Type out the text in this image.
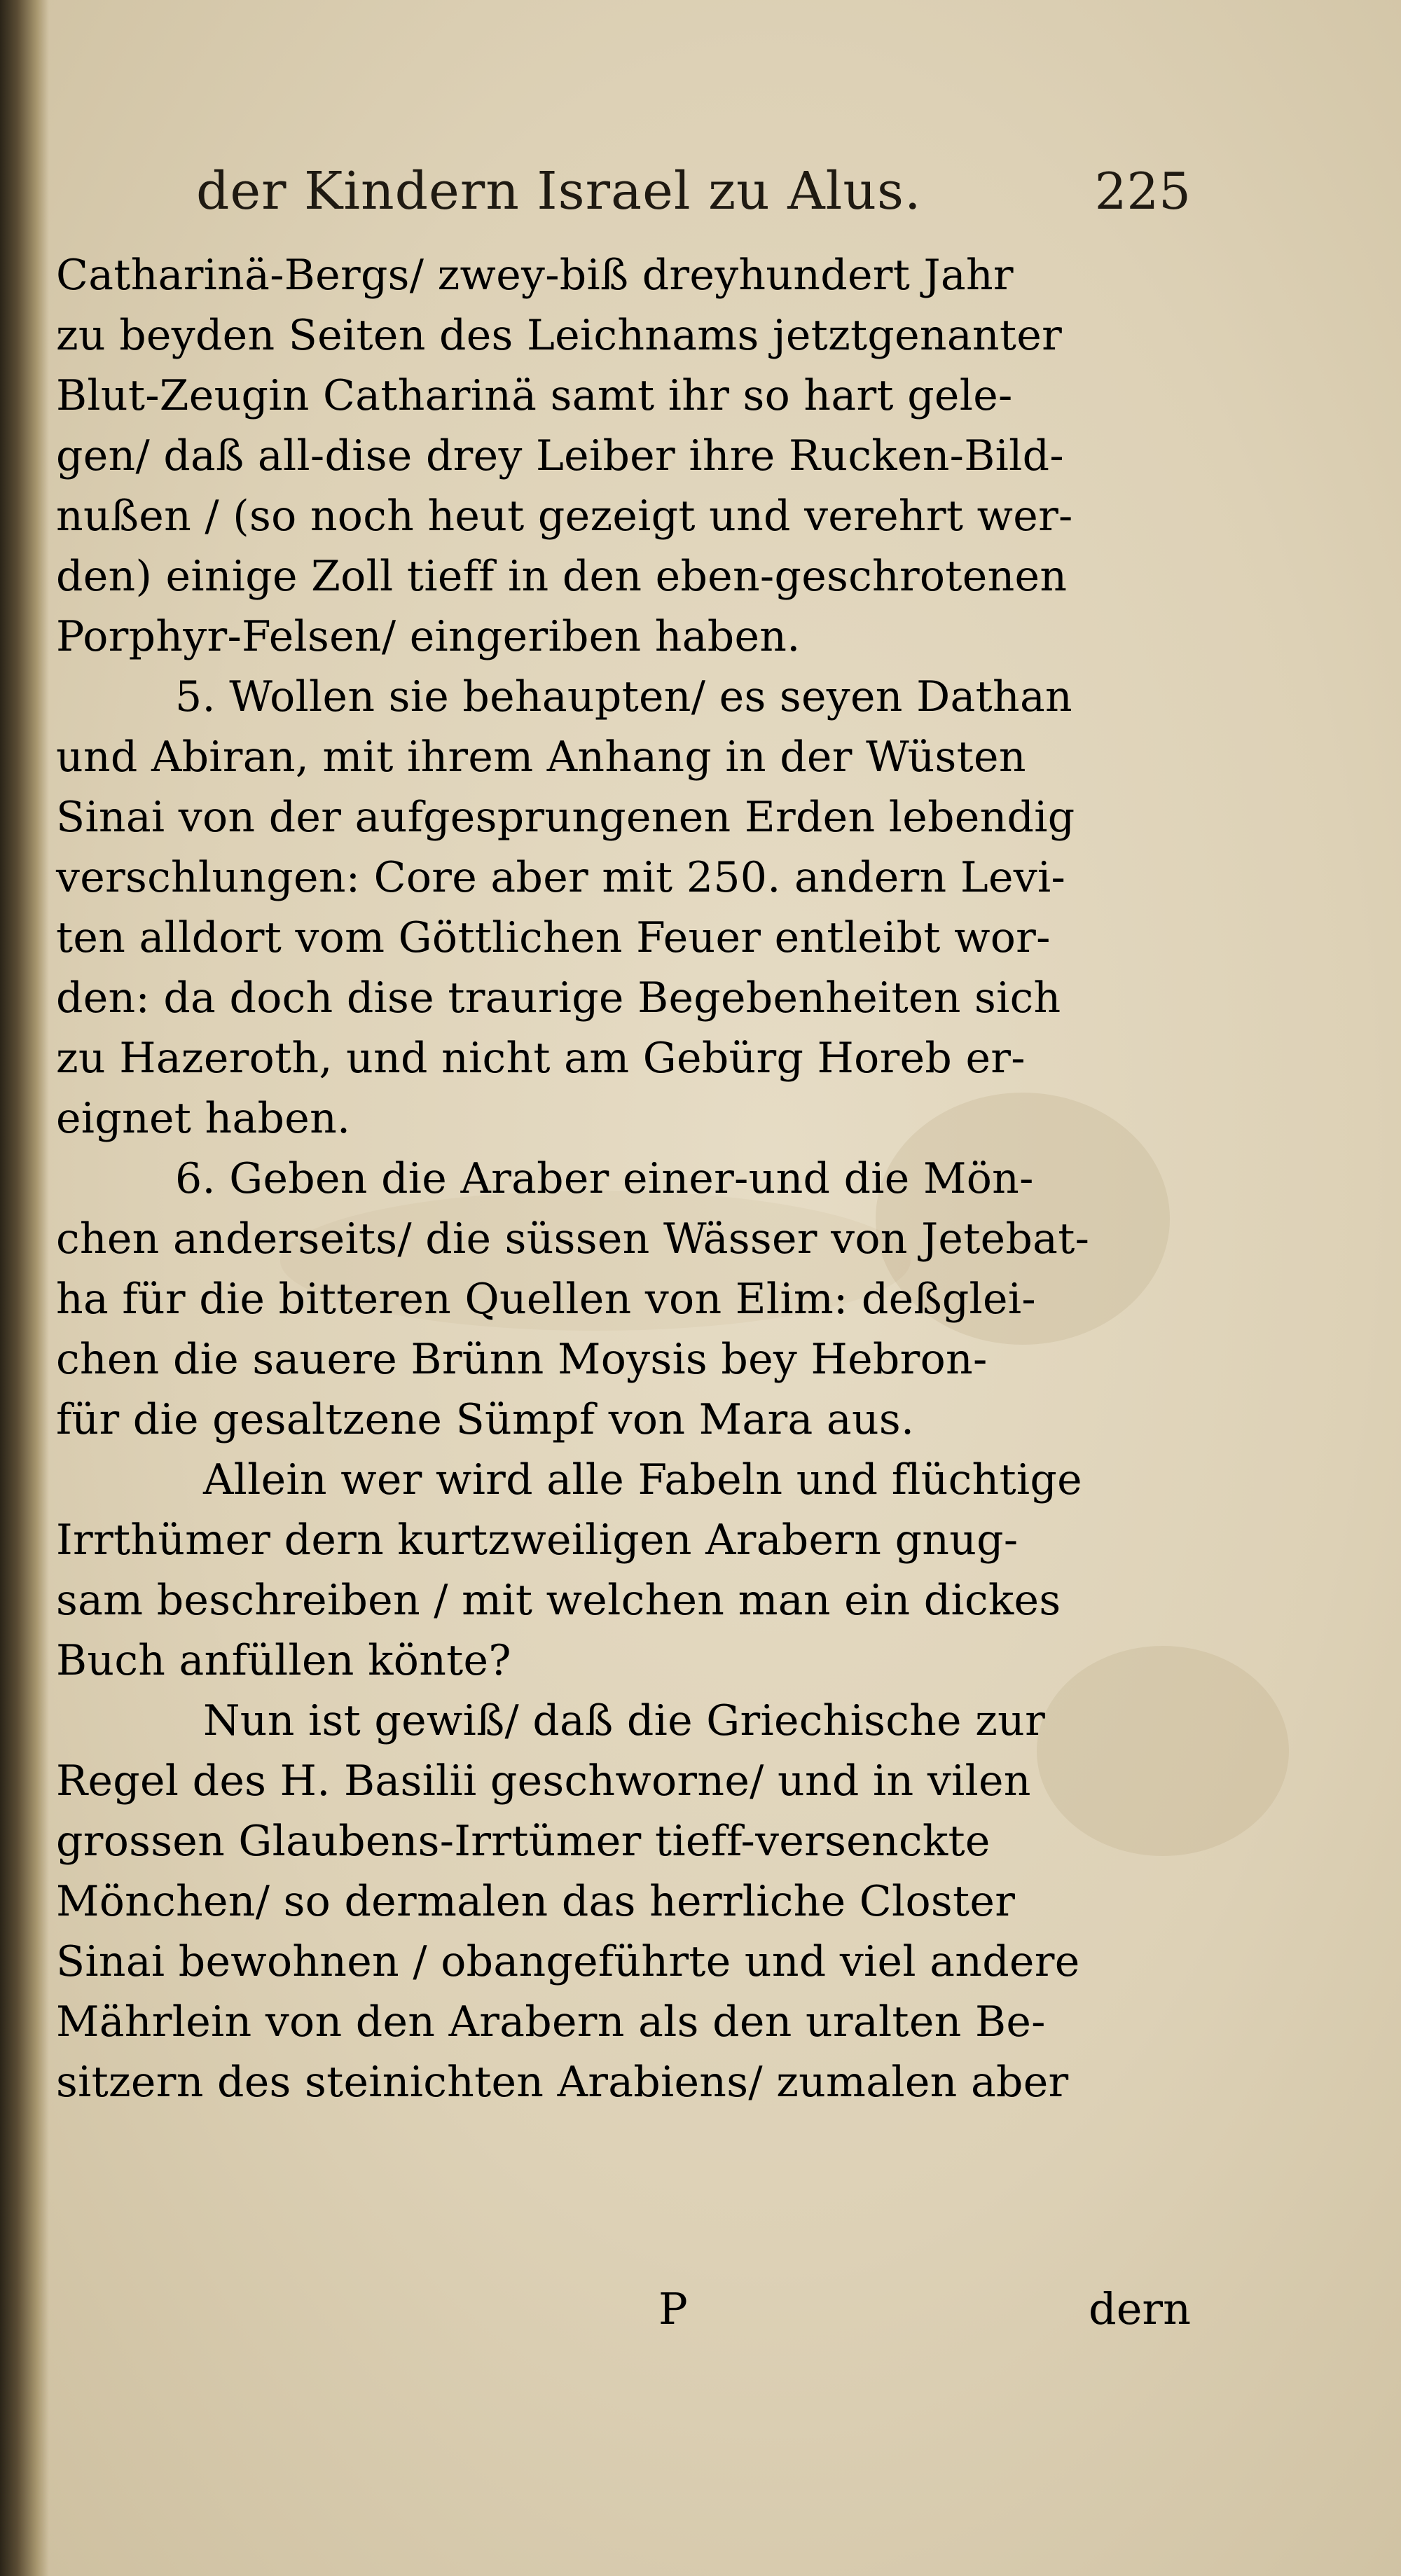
der Kindern Israel zu Alus.	225
Catharinä-Bergs/ zwey-biß dreyhundert Jahr
zu beyden Seiten des Leichnams jetztgenanter
Blut-Zeugin Catharinä samt ihr so hart gele-
gen/ daß all-dise drey Leiber ihre Rucken-Bild-
nußen / (so noch heut gezeigt und verehrt wer-
den) einige Zoll tieff in den eben-geschrotenen
Porphyr-Felsen/ eingeriben haben.
5. Wollen sie behaupten/ es seyen Dathan
und Abiran, mit ihrem Anhang in der Wüsten
Sinai von der aufgesprungenen Erden lebendig
verschlungen: Core aber mit 250. andern Levi-
ten alldort vom Göttlichen Feuer entleibt wor-
den: da doch dise traurige Begebenheiten sich
zu Hazeroth, und nicht am Gebürg Horeb er-
eignet haben.
6. Geben die Araber einer-und die Mön-
chen anderseits/ die süssen Wässer von Jetebat-
ha für die bitteren Quellen von Elim: deßglei-
chen die sauere Brünn Moysis bey Hebron-
für die gesaltzene Sümpf von Mara aus.
Allein wer wird alle Fabeln und flüchtige
Irrthümer dern kurtzweiligen Arabern gnug-
sam beschreiben / mit welchen man ein dickes
Buch anfüllen könte?
Nun ist gewiß/ daß die Griechische zur
Regel des H. Basilii geschworne/ und in vilen
grossen Glaubens-Irrtümer tieff-versenckte
Mönchen/ so dermalen das herrliche Closter
Sinai bewohnen / obangeführte und viel andere
Mährlein von den Arabern als den uralten Be-
sitzern des steinichten Arabiens/ zumalen aber
P	dern
